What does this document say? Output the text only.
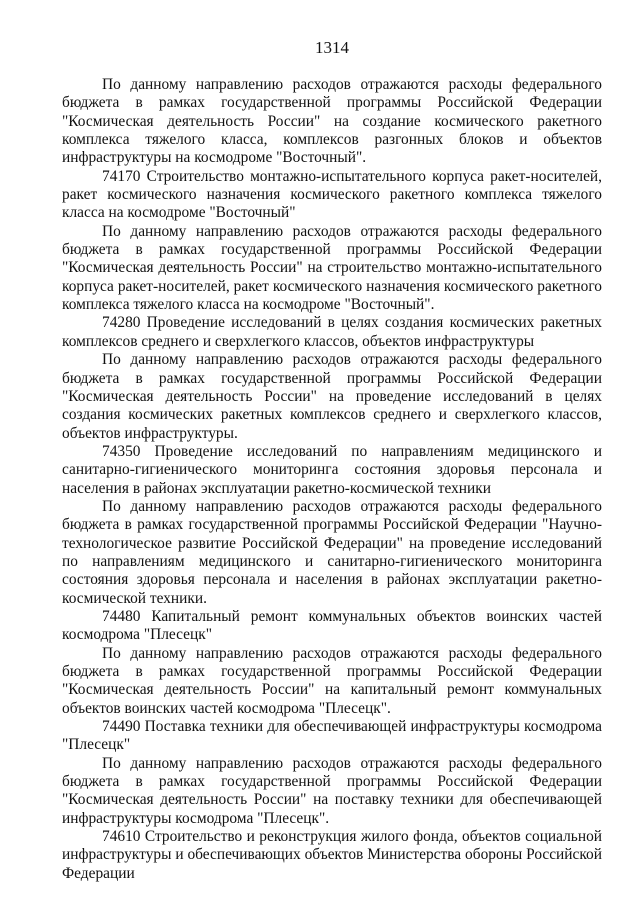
1314

По данному направлению расходов отражаются расходы федерального бюджета в рамках государственной программы Российской Федерации "Космическая деятельность России" на создание космического ракетного комплекса тяжелого класса, комплексов разгонных блоков и объектов инфраструктуры на космодроме "Восточный".

74170 Строительство монтажно-испытательного корпуса ракет-носителей, ракет космического назначения космического ракетного комплекса тяжелого класса на космодроме "Восточный"

По данному направлению расходов отражаются расходы федерального бюджета в рамках государственной программы Российской Федерации "Космическая деятельность России" на строительство монтажно-испытательного корпуса ракет-носителей, ракет космического назначения космического ракетного комплекса тяжелого класса на космодроме "Восточный".

74280 Проведение исследований в целях создания космических ракетных комплексов среднего и сверхлегкого классов, объектов инфраструктуры

По данному направлению расходов отражаются расходы федерального бюджета в рамках государственной программы Российской Федерации "Космическая деятельность России" на проведение исследований в целях создания космических ракетных комплексов среднего и сверхлегкого классов, объектов инфраструктуры.

74350 Проведение исследований по направлениям медицинского и санитарно-гигиенического мониторинга состояния здоровья персонала и населения в районах эксплуатации ракетно-космической техники

По данному направлению расходов отражаются расходы федерального бюджета в рамках государственной программы Российской Федерации "Научно-технологическое развитие Российской Федерации" на проведение исследований по направлениям медицинского и санитарно-гигиенического мониторинга состояния здоровья персонала и населения в районах эксплуатации ракетно-космической техники.

74480 Капитальный ремонт коммунальных объектов воинских частей космодрома "Плесецк"

По данному направлению расходов отражаются расходы федерального бюджета в рамках государственной программы Российской Федерации "Космическая деятельность России" на капитальный ремонт коммунальных объектов воинских частей космодрома "Плесецк".

74490 Поставка техники для обеспечивающей инфраструктуры космодрома "Плесецк"

По данному направлению расходов отражаются расходы федерального бюджета в рамках государственной программы Российской Федерации "Космическая деятельность России" на поставку техники для обеспечивающей инфраструктуры космодрома "Плесецк".

74610 Строительство и реконструкция жилого фонда, объектов социальной инфраструктуры и обеспечивающих объектов Министерства обороны Российской Федерации
